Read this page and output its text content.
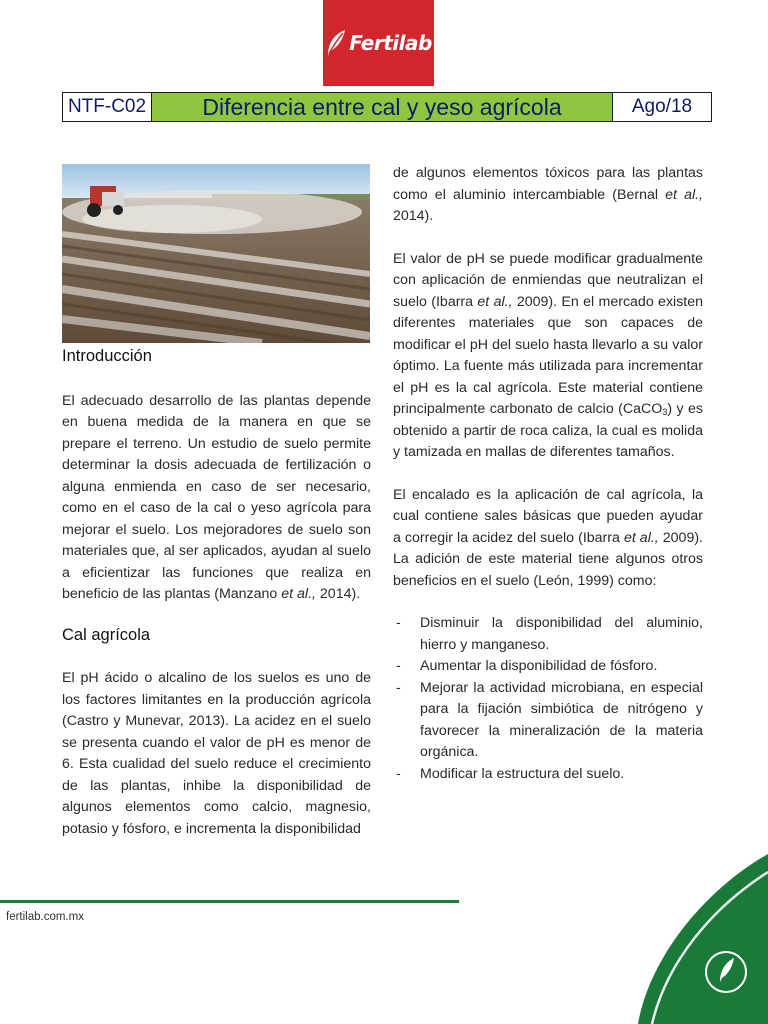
Fertilab
NTF-C02	Diferencia entre cal y yeso agrícola	Ago/18
Introducción

El adecuado desarrollo de las plantas depende en buena medida de la manera en que se prepare el terreno. Un estudio de suelo permite determinar la dosis adecuada de fertilización o alguna enmienda en caso de ser necesario, como en el caso de la cal o yeso agrícola para mejorar el suelo. Los mejoradores de suelo son materiales que, al ser aplicados, ayudan al suelo a eficientizar las funciones que realiza en beneficio de las plantas (Manzano et al., 2014).

Cal agrícola

El pH ácido o alcalino de los suelos es uno de los factores limitantes en la producción agrícola (Castro y Munevar, 2013). La acidez en el suelo se presenta cuando el valor de pH es menor de 6. Esta cualidad del suelo reduce el crecimiento de las plantas, inhibe la disponibilidad de algunos elementos como calcio, magnesio, potasio y fósforo, e incrementa la disponibilidad

de algunos elementos tóxicos para las plantas como el aluminio intercambiable (Bernal et al., 2014).

El valor de pH se puede modificar gradualmente con aplicación de enmiendas que neutralizan el suelo (Ibarra et al., 2009). En el mercado existen diferentes materiales que son capaces de modificar el pH del suelo hasta llevarlo a su valor óptimo. La fuente más utilizada para incrementar el pH es la cal agrícola. Este material contiene principalmente carbonato de calcio (CaCO$_3$) y es obtenido a partir de roca caliza, la cual es molida y tamizada en mallas de diferentes tamaños.

El encalado es la aplicación de cal agrícola, la cual contiene sales básicas que pueden ayudar a corregir la acidez del suelo (Ibarra et al., 2009). La adición de este material tiene algunos otros beneficios en el suelo (León, 1999) como:

- Disminuir la disponibilidad del aluminio, hierro y manganeso.
- Aumentar la disponibilidad de fósforo.
- Mejorar la actividad microbiana, en especial para la fijación simbiótica de nitrógeno y favorecer la mineralización de la materia orgánica.
- Modificar la estructura del suelo.
fertilab.com.mx
